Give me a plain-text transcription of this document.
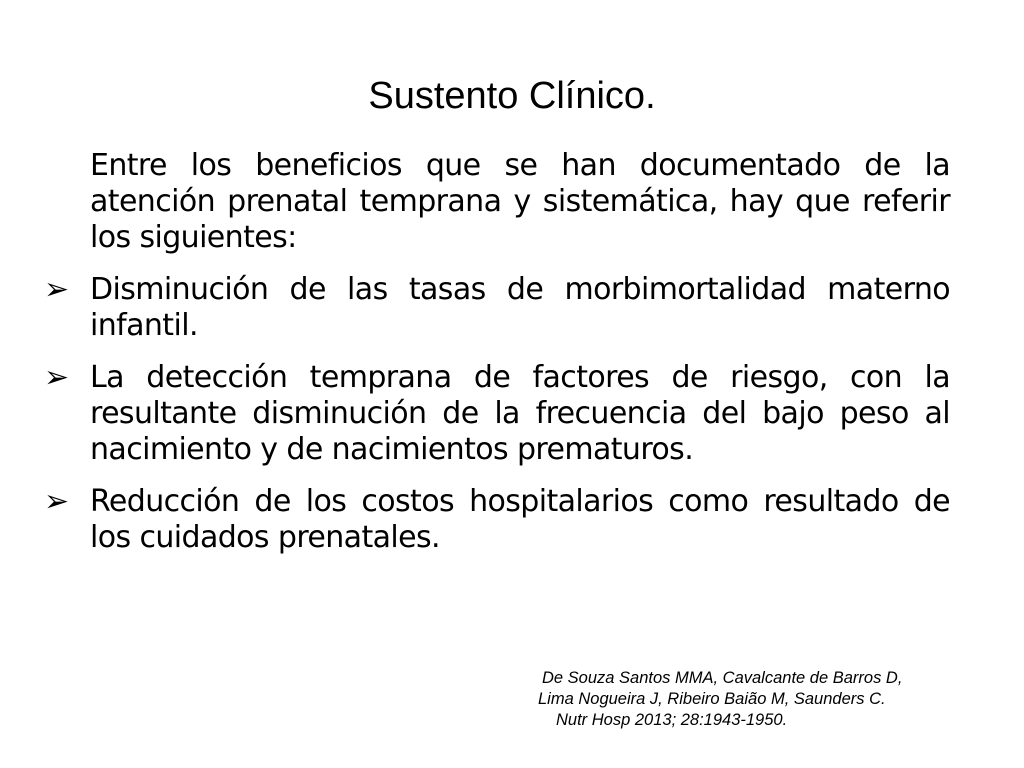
Sustento Clínico.
Entre los beneficios que se han documentado de la atención prenatal temprana y sistemática, hay que referir los siguientes:
➢ Disminución de las tasas de morbimortalidad materno infantil.
➢ La detección temprana de factores de riesgo, con la resultante disminución de la frecuencia del bajo peso al nacimiento y de nacimientos prematuros.
➢ Reducción de los costos hospitalarios como resultado de los cuidados prenatales.
De Souza Santos MMA, Cavalcante de Barros D,
Lima Nogueira J, Ribeiro Baião M, Saunders C.
Nutr Hosp 2013; 28:1943-1950.
